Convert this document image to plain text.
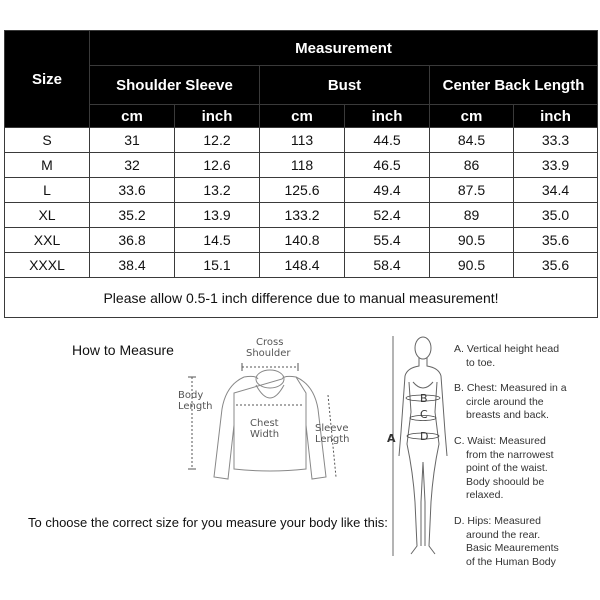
Size	Measurement					
	Shoulder Sleeve		Bust		Center Back Length	
	cm	inch	cm	inch	cm	inch
S	31	12.2	113	44.5	84.5	33.3
M	32	12.6	118	46.5	86	33.9
L	33.6	13.2	125.6	49.4	87.5	34.4
XL	35.2	13.9	133.2	52.4	89	35.0
XXL	36.8	14.5	140.8	55.4	90.5	35.6
XXXL	38.4	15.1	148.4	58.4	90.5	35.6
Please allow 0.5-1 inch difference due to manual measurement!						
How to Measure
To choose the correct size for you measure your body like this:
Cross
Shoulder
Body
Length
Chest
Width
Sleeve
Length	A
B
C
D
A. Vertical height head
to toe.
B. Chest: Measured in a
circle around the
breasts and back.
C. Waist: Measured
from the narrowest
point of the waist.
Body shoould be
relaxed.
D. Hips: Measured
around the rear.
Basic Meaurements
of the Human Body
